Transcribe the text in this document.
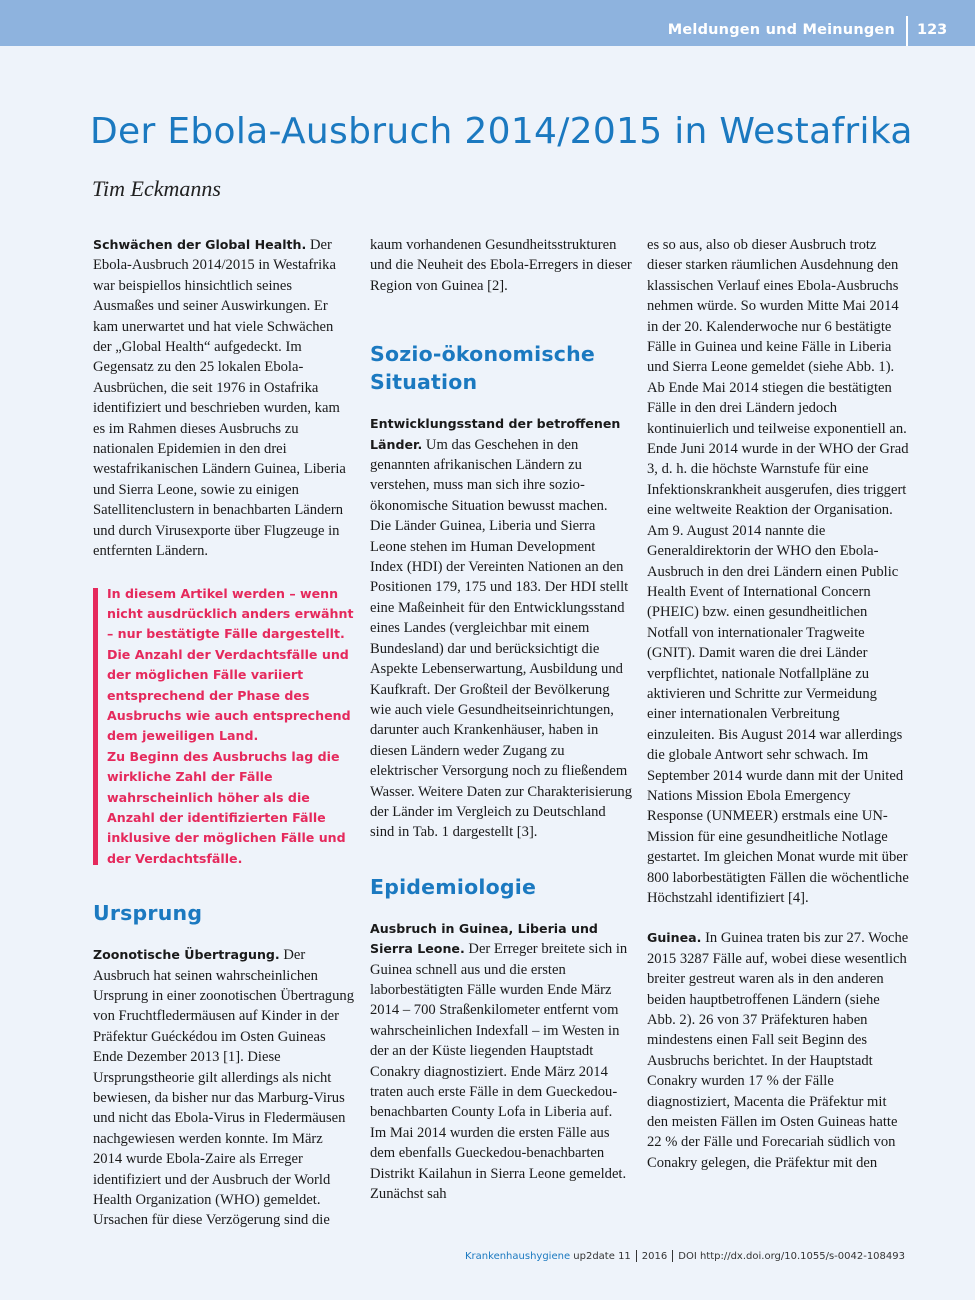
Meldungen und Meinungen 123
Der Ebola-Ausbruch 2014/2015 in Westafrika
Tim Eckmanns

Schwächen der Global Health. Der Ebola-Ausbruch 2014/2015 in Westafrika war beispiellos hinsichtlich seines Ausmaßes und seiner Auswirkungen. Er kam unerwartet und hat viele Schwächen der „Global Health“ aufgedeckt. Im Gegensatz zu den 25 lokalen Ebola-Ausbrüchen, die seit 1976 in Ostafrika identifiziert und beschrieben wurden, kam es im Rahmen dieses Ausbruchs zu nationalen Epidemien in den drei westafrikanischen Ländern Guinea, Liberia und Sierra Leone, sowie zu einigen Satellitenclustern in benachbarten Ländern und durch Virusexporte über Flugzeuge in entfernten Ländern.

In diesem Artikel werden – wenn nicht ausdrücklich anders erwähnt – nur bestätigte Fälle dargestellt. Die Anzahl der Verdachtsfälle und der möglichen Fälle variiert entsprechend der Phase des Ausbruchs wie auch entsprechend dem jeweiligen Land.

Zu Beginn des Ausbruchs lag die wirkliche Zahl der Fälle wahrscheinlich höher als die Anzahl der identifizierten Fälle inklusive der möglichen Fälle und der Verdachtsfälle.

Ursprung

Zoonotische Übertragung. Der Ausbruch hat seinen wahrscheinlichen Ursprung in einer zoonotischen Übertragung von Fruchtfledermäusen auf Kinder in der Präfektur Guéckédou im Osten Guineas Ende Dezember 2013 [1]. Diese Ursprungstheorie gilt allerdings als nicht bewiesen, da bisher nur das Marburg-Virus und nicht das Ebola-Virus in Fledermäusen nachgewiesen werden konnte. Im März 2014 wurde Ebola-Zaire als Erreger identifiziert und der Ausbruch der World Health Organization (WHO) gemeldet. Ursachen für diese Verzögerung sind die

kaum vorhandenen Gesundheitsstrukturen und die Neuheit des Ebola-Erregers in dieser Region von Guinea [2].

Sozio-ökonomische Situation

Entwicklungsstand der betroffenen Länder. Um das Geschehen in den genannten afrikanischen Ländern zu verstehen, muss man sich ihre sozio-ökonomische Situation bewusst machen. Die Länder Guinea, Liberia und Sierra Leone stehen im Human Development Index (HDI) der Vereinten Nationen an den Positionen 179, 175 und 183. Der HDI stellt eine Maßeinheit für den Entwicklungsstand eines Landes (vergleichbar mit einem Bundesland) dar und berücksichtigt die Aspekte Lebenserwartung, Ausbildung und Kaufkraft. Der Großteil der Bevölkerung wie auch viele Gesundheitseinrichtungen, darunter auch Krankenhäuser, haben in diesen Ländern weder Zugang zu elektrischer Versorgung noch zu fließendem Wasser. Weitere Daten zur Charakterisierung der Länder im Vergleich zu Deutschland sind in Tab. 1 dargestellt [3].

Epidemiologie

Ausbruch in Guinea, Liberia und Sierra Leone. Der Erreger breitete sich in Guinea schnell aus und die ersten laborbestätigten Fälle wurden Ende März 2014 – 700 Straßenkilometer entfernt vom wahrscheinlichen Indexfall – im Westen in der an der Küste liegenden Hauptstadt Conakry diagnostiziert. Ende März 2014 traten auch erste Fälle in dem Gueckedou-benachbarten County Lofa in Liberia auf. Im Mai 2014 wurden die ersten Fälle aus dem ebenfalls Gueckedou-benachbarten Distrikt Kailahun in Sierra Leone gemeldet. Zunächst sah

es so aus, also ob dieser Ausbruch trotz dieser starken räumlichen Ausdehnung den klassischen Verlauf eines Ebola-Ausbruchs nehmen würde. So wurden Mitte Mai 2014 in der 20. Kalenderwoche nur 6 bestätigte Fälle in Guinea und keine Fälle in Liberia und Sierra Leone gemeldet (siehe Abb. 1). Ab Ende Mai 2014 stiegen die bestätigten Fälle in den drei Ländern jedoch kontinuierlich und teilweise exponentiell an. Ende Juni 2014 wurde in der WHO der Grad 3, d. h. die höchste Warnstufe für eine Infektionskrankheit ausgerufen, dies triggert eine weltweite Reaktion der Organisation. Am 9. August 2014 nannte die Generaldirektorin der WHO den Ebola-Ausbruch in den drei Ländern einen Public Health Event of International Concern (PHEIC) bzw. einen gesundheitlichen Notfall von internationaler Tragweite (GNIT). Damit waren die drei Länder verpflichtet, nationale Notfallpläne zu aktivieren und Schritte zur Vermeidung einer internationalen Verbreitung einzuleiten. Bis August 2014 war allerdings die globale Antwort sehr schwach. Im September 2014 wurde dann mit der United Nations Mission Ebola Emergency Response (UNMEER) erstmals eine UN-Mission für eine gesundheitliche Notlage gestartet. Im gleichen Monat wurde mit über 800 laborbestätigten Fällen die wöchentliche Höchstzahl identifiziert [4].

Guinea. In Guinea traten bis zur 27. Woche 2015 3287 Fälle auf, wobei diese wesentlich breiter gestreut waren als in den anderen beiden hauptbetroffenen Ländern (siehe Abb. 2). 26 von 37 Präfekturen haben mindestens einen Fall seit Beginn des Ausbruchs berichtet. In der Hauptstadt Conakry wurden 17 % der Fälle diagnostiziert, Macenta die Präfektur mit den meisten Fällen im Osten Guineas hatte 22 % der Fälle und Forecariah südlich von Conakry gelegen, die Präfektur mit den

Krankenhaushygiene up2date 11 2016 DOI http://dx.doi.org/10.1055/s-0042-108493
